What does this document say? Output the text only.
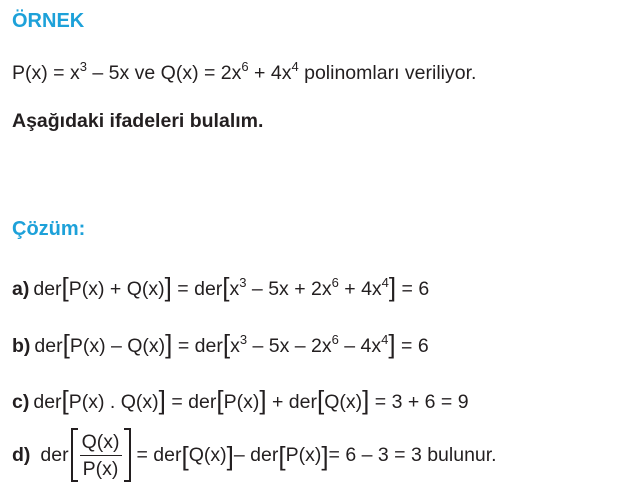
ÖRNEK
$P(x) = x^3 - 5x$ ve $Q(x) = 2x^6 + 4x^4$ polinomları veriliyor.
Aşağıdaki ifadeleri bulalım.
Çözüm:
a) $der[P(x) + Q(x)] = der[x^3 - 5x + 2x^6 + 4x^4] = 6$
b) $der[P(x) - Q(x)] = der[x^3 - 5x - 2x^6 - 4x^4] = 6$
c) der[P(x) . Q(x)] = der[P(x)] + der[Q(x)] = 3 + 6 = 9
d) der $\frac{Q(x)}{P(x)}$ = der [ Q(x) ] – der [ P(x) ] = 6 – 3 = 3 bulunur.
